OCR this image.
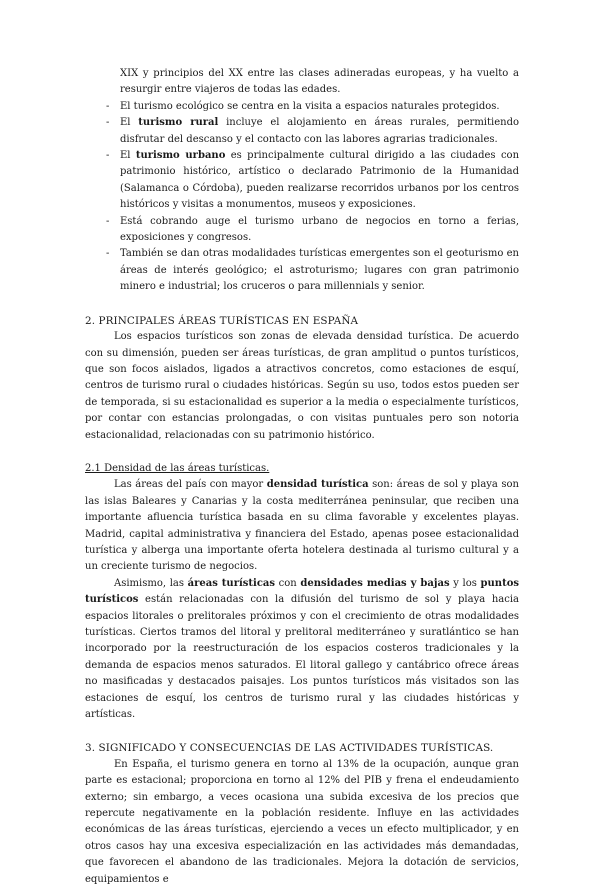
XIX y principios del XX entre las clases adineradas europeas, y ha vuelto a resurgir entre viajeros de todas las edades.

- El turismo ecológico se centra en la visita a espacios naturales protegidos.
- El turismo rural incluye el alojamiento en áreas rurales, permitiendo disfrutar del descanso y el contacto con las labores agrarias tradicionales.
- El turismo urbano es principalmente cultural dirigido a las ciudades con patrimonio histórico, artístico o declarado Patrimonio de la Humanidad (Salamanca o Córdoba), pueden realizarse recorridos urbanos por los centros históricos y visitas a monumentos, museos y exposiciones.
- Está cobrando auge el turismo urbano de negocios en torno a ferias, exposiciones y congresos.
- También se dan otras modalidades turísticas emergentes son el geoturismo en áreas de interés geológico; el astroturismo; lugares con gran patrimonio minero e industrial; los cruceros o para millennials y senior.
2. PRINCIPALES ÁREAS TURÍSTICAS EN ESPAÑA

Los espacios turísticos son zonas de elevada densidad turística. De acuerdo con su dimensión, pueden ser áreas turísticas, de gran amplitud o puntos turísticos, que son focos aislados, ligados a atractivos concretos, como estaciones de esquí, centros de turismo rural o ciudades históricas. Según su uso, todos estos pueden ser de temporada, si su estacionalidad es superior a la media o especialmente turísticos, por contar con estancias prolongadas, o con visitas puntuales pero son notoria estacionalidad, relacionadas con su patrimonio histórico.

2.1 Densidad de las áreas turísticas.

Las áreas del país con mayor densidad turística son: áreas de sol y playa son las islas Baleares y Canarias y la costa mediterránea peninsular, que reciben una importante afluencia turística basada en su clima favorable y excelentes playas. Madrid, capital administrativa y financiera del Estado, apenas posee estacionalidad turística y alberga una importante oferta hotelera destinada al turismo cultural y a un creciente turismo de negocios.

Asimismo, las áreas turísticas con densidades medias y bajas y los puntos turísticos están relacionadas con la difusión del turismo de sol y playa hacia espacios litorales o prelitorales próximos y con el crecimiento de otras modalidades turísticas. Ciertos tramos del litoral y prelitoral mediterráneo y suratlántico se han incorporado por la reestructuración de los espacios costeros tradicionales y la demanda de espacios menos saturados. El litoral gallego y cantábrico ofrece áreas no masificadas y destacados paisajes. Los puntos turísticos más visitados son las estaciones de esquí, los centros de turismo rural y las ciudades históricas y artísticas.

3. SIGNIFICADO Y CONSECUENCIAS DE LAS ACTIVIDADES TURÍSTICAS.

En España, el turismo genera en torno al 13% de la ocupación, aunque gran parte es estacional; proporciona en torno al 12% del PIB y frena el endeudamiento externo; sin embargo, a veces ocasiona una subida excesiva de los precios que repercute negativamente en la población residente. Influye en las actividades económicas de las áreas turísticas, ejerciendo a veces un efecto multiplicador, y en otros casos hay una excesiva especialización en las actividades más demandadas, que favorecen el abandono de las tradicionales. Mejora la dotación de servicios, equipamientos e
